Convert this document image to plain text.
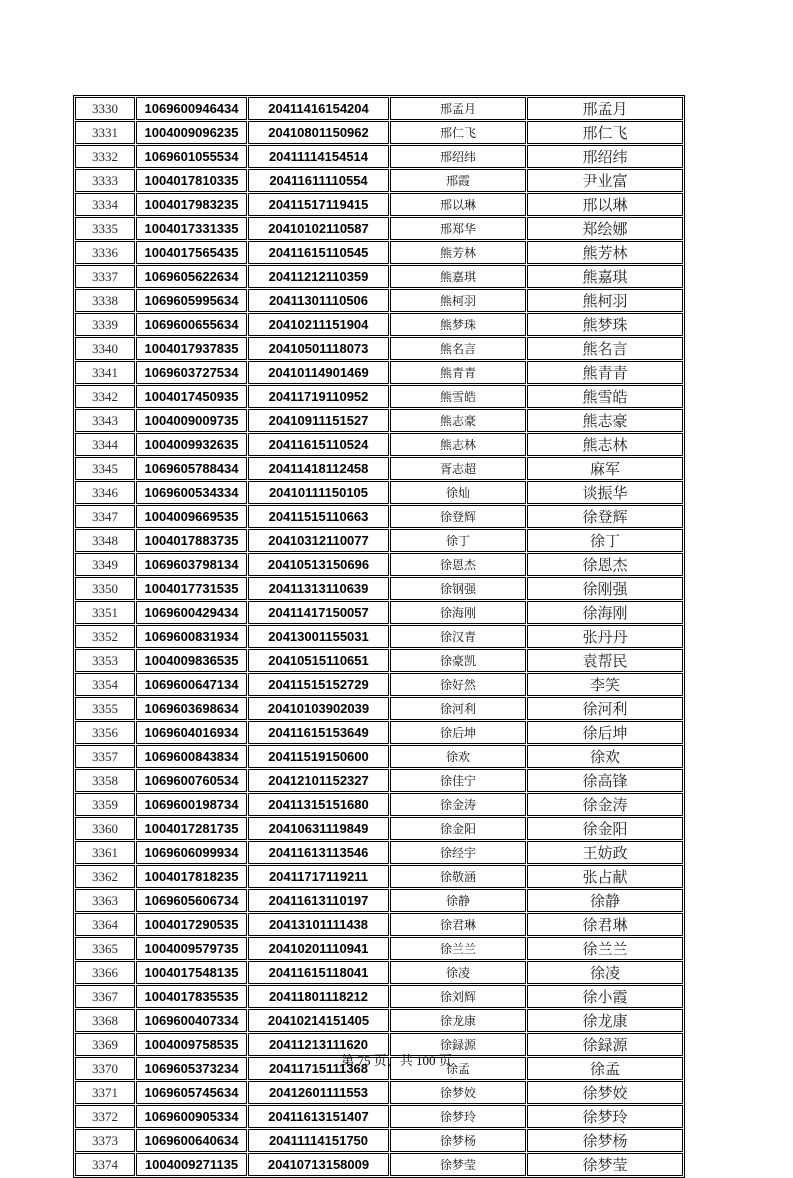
3330	1069600946434	20411416154204	邢孟月	邢孟月
3331	1004009096235	20410801150962	邢仁飞	邢仁飞
3332	1069601055534	20411114154514	邢绍纬	邢绍纬
3333	1004017810335	20411611110554	邢霞	尹业富
3334	1004017983235	20411517119415	邢以琳	邢以琳
3335	1004017331335	20410102110587	邢郑华	郑绘娜
3336	1004017565435	20411615110545	熊芳林	熊芳林
3337	1069605622634	20411212110359	熊嘉琪	熊嘉琪
3338	1069605995634	20411301110506	熊柯羽	熊柯羽
3339	1069600655634	20410211151904	熊梦珠	熊梦珠
3340	1004017937835	20410501118073	熊名言	熊名言
3341	1069603727534	20410114901469	熊青青	熊青青
3342	1004017450935	20411719110952	熊雪皓	熊雪皓
3343	1004009009735	20410911151527	熊志豪	熊志豪
3344	1004009932635	20411615110524	熊志林	熊志林
3345	1069605788434	20411418112458	胥志超	麻军
3346	1069600534334	20410111150105	徐灿	谈振华
3347	1004009669535	20411515110663	徐登辉	徐登辉
3348	1004017883735	20410312110077	徐丁	徐丁
3349	1069603798134	20410513150696	徐恩杰	徐恩杰
3350	1004017731535	20411313110639	徐钢强	徐刚强
3351	1069600429434	20411417150057	徐海刚	徐海刚
3352	1069600831934	20413001155031	徐汉青	张丹丹
3353	1004009836535	20410515110651	徐豪凯	袁帮民
3354	1069600647134	20411515152729	徐好然	李笑
3355	1069603698634	20410103902039	徐河利	徐河利
3356	1069604016934	20411615153649	徐后坤	徐后坤
3357	1069600843834	20411519150600	徐欢	徐欢
3358	1069600760534	20412101152327	徐佳宁	徐高锋
3359	1069600198734	20411315151680	徐金涛	徐金涛
3360	1004017281735	20410631119849	徐金阳	徐金阳
3361	1069606099934	20411613113546	徐经宇	王妨政
3362	1004017818235	20411717119211	徐敬涵	张占献
3363	1069605606734	20411613110197	徐静	徐静
3364	1004017290535	20413101111438	徐君琳	徐君琳
3365	1004009579735	20410201110941	徐兰兰	徐兰兰
3366	1004017548135	20411615118041	徐凌	徐凌
3367	1004017835535	20411801118212	徐刘辉	徐小霞
3368	1069600407334	20410214151405	徐龙康	徐龙康
3369	1004009758535	20411213111620	徐録源	徐録源
3370	1069605373234	20411715111368	徐孟	徐孟
3371	1069605745634	20412601111553	徐梦姣	徐梦姣
3372	1069600905334	20411613151407	徐梦玲	徐梦玲
3373	1069600640634	20411114151750	徐梦杨	徐梦杨
3374	1004009271135	20410713158009	徐梦莹	徐梦莹
第 75 页，共 100 页
